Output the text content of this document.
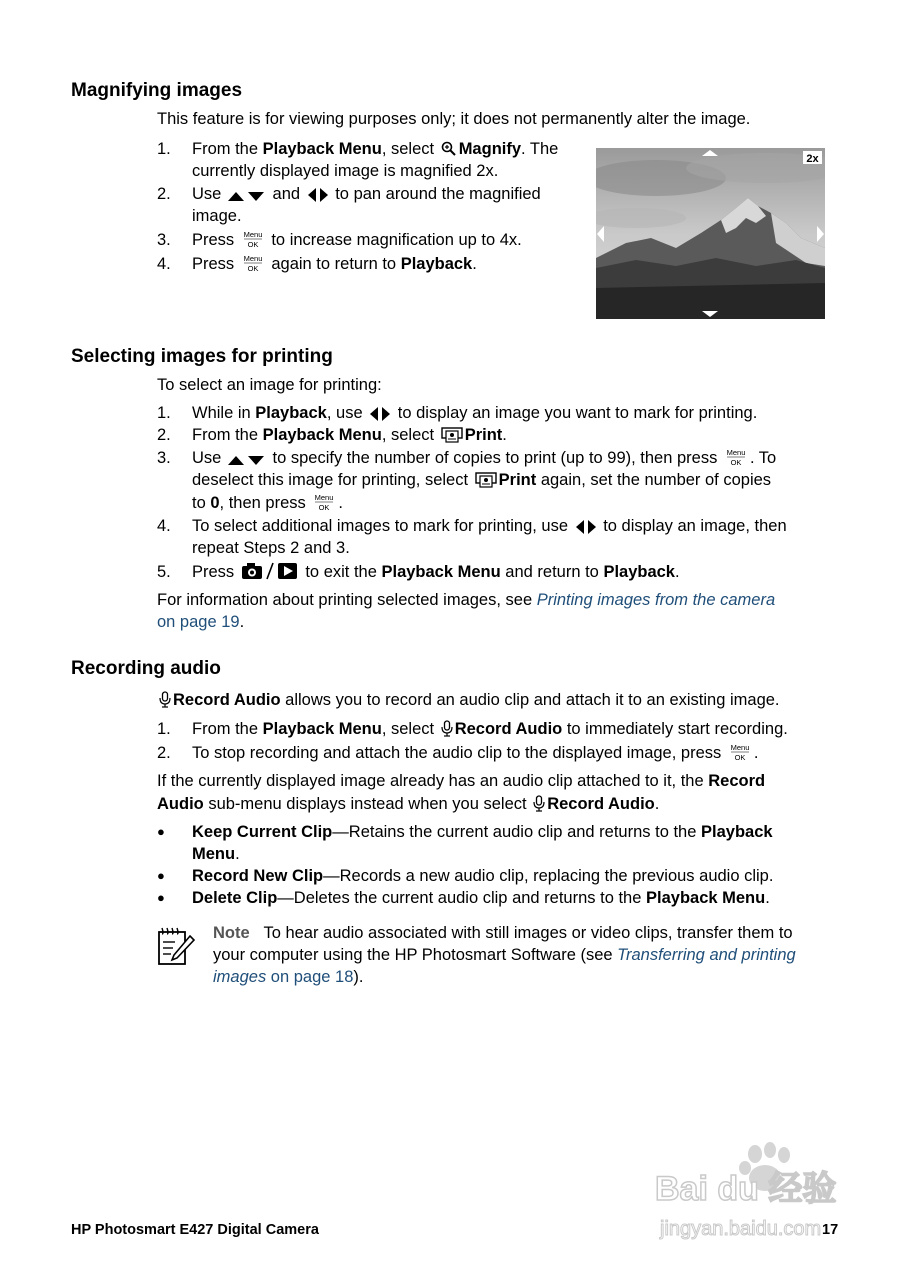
Magnifying images
This feature is for viewing purposes only; it does not permanently alter the image.
1. From the Playback Menu, select Magnify. The
currently displayed image is magnified 2x.
2. Use	and  to pan around the magnified
image.
3. Press Menu
OK to increase magnification up to 4x.
4. Press Menu
OK again to return to Playback.
2x
Selecting images for printing
To select an image for printing:
1. While in Playback, use  to display an image you want to mark for printing.
2. From the Playback Menu, select Print.
3. Use	to specify the number of copies to print (up to 99), then press Menu
OK . To
deselect this image for printing, select Print again, set the number of copies
to 0, then press Menu
OK .
4. To select additional images to mark for printing, use  to display an image, then
repeat Steps 2 and 3.
5. Press	to exit the Playback Menu and return to Playback.
For information about printing selected images, see Printing images from the camera
on page 19.
Recording audio
Record Audio allows you to record an audio clip and attach it to an existing image.
1. From the Playback Menu, select Record Audio to immediately start recording.
2. To stop recording and attach the audio clip to the displayed image, press Menu
OK .
If the currently displayed image already has an audio clip attached to it, the Record
Audio sub-menu displays instead when you select Record Audio.
● Keep Current Clip—Retains the current audio clip and returns to the Playback
Menu.
● Record New Clip—Records a new audio clip, replacing the previous audio clip.
● Delete Clip—Deletes the current audio clip and returns to the Playback Menu.
Note To hear audio associated with still images or video clips, transfer them to
your computer using the HP Photosmart Software (see Transferring and printing
images on page 18).
HP Photosmart E427 Digital Camera	17
Bai du 经验
jingyan.baidu.com
